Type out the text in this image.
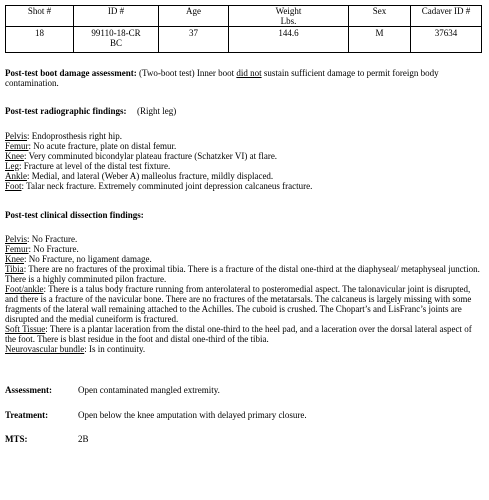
Shot #	ID #	Age	Weight Lbs.	Sex	Cadaver ID #
18	99110-18-CRBC	37	144.6	M	37634
Post-test boot damage assessment: (Two-boot test) Inner boot did not sustain sufficient damage to permit foreign body contamination.
Post-test radiographic findings: (Right leg)
Pelvis: Endoprosthesis right hip.
Femur: No acute fracture, plate on distal femur.
Knee: Very comminuted bicondylar plateau fracture (Schatzker VI) at flare.
Leg: Fracture at level of the distal test fixture.
Ankle: Medial, and lateral (Weber A) malleolus fracture, mildly displaced.
Foot: Talar neck fracture. Extremely comminuted joint depression calcaneus fracture.
Post-test clinical dissection findings:
Pelvis: No Fracture.
Femur: No Fracture.
Knee: No Fracture, no ligament damage.
Tibia: There are no fractures of the proximal tibia. There is a fracture of the distal one-third at the diaphyseal/ metaphyseal junction. There is a highly comminuted pilon fracture.
Foot/ankle: There is a talus body fracture running from anterolateral to posteromedial aspect. The talonavicular joint is disrupted, and there is a fracture of the navicular bone. There are no fractures of the metatarsals. The calcaneus is largely missing with some fragments of the lateral wall remaining attached to the Achilles. The cuboid is crushed. The Chopart’s and LisFranc’s joints are disrupted and the medial cuneiform is fractured.
Soft Tissue: There is a plantar laceration from the distal one-third to the heel pad, and a laceration over the dorsal lateral aspect of the foot. There is blast residue in the foot and distal one-third of the tibia.
Neurovascular bundle: Is in continuity.
Assessment:	Open contaminated mangled extremity.
Treatment:	Open below the knee amputation with delayed primary closure.
MTS:	2B
